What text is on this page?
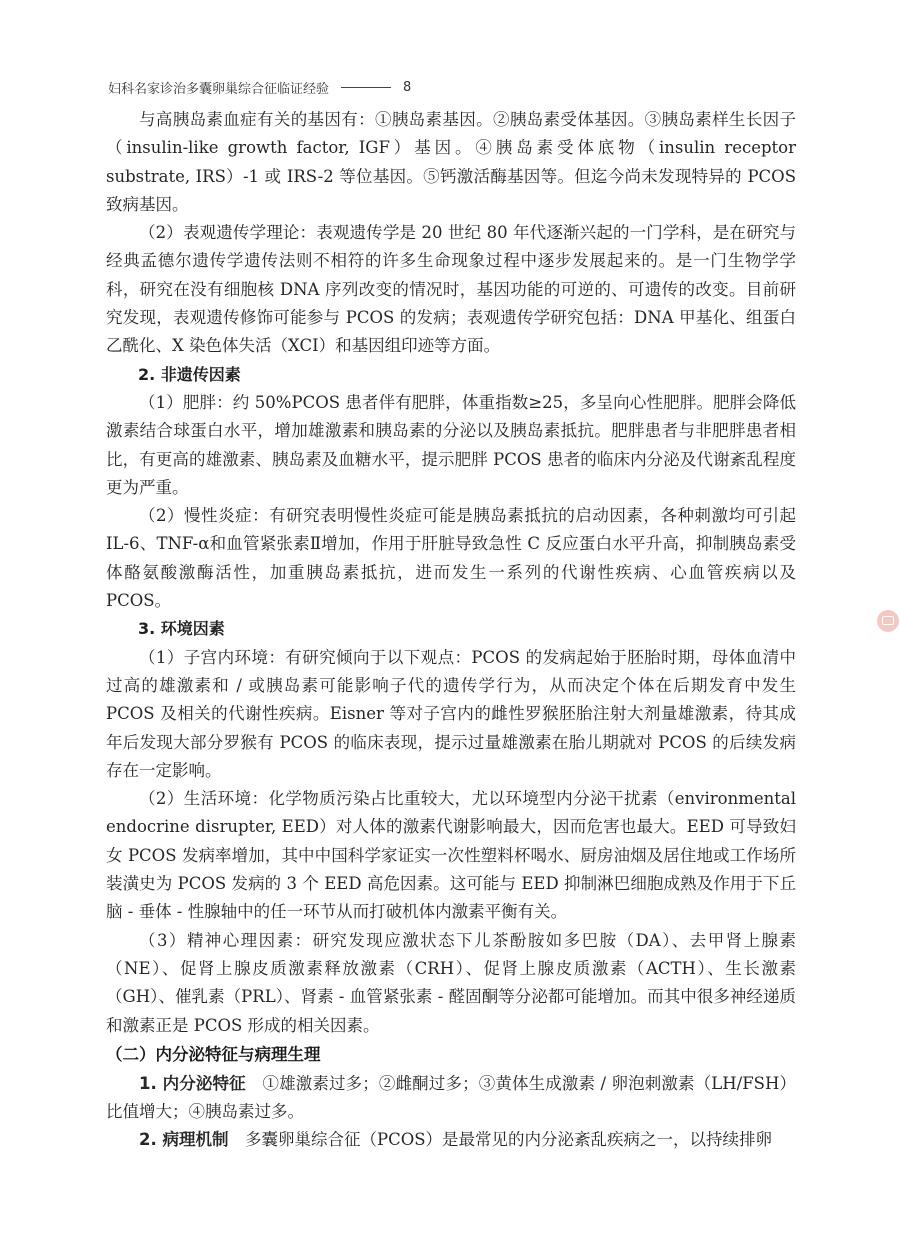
妇科名家诊治多囊卵巢综合征临证经验	8

与高胰岛素血症有关的基因有：①胰岛素基因。②胰岛素受体基因。③胰岛素样生长因子（insulin-like growth factor, IGF）基因。④胰岛素受体底物（insulin receptor substrate, IRS）-1 或 IRS-2 等位基因。⑤钙激活酶基因等。但迄今尚未发现特异的 PCOS 致病基因。

（2）表观遗传学理论：表观遗传学是 20 世纪 80 年代逐渐兴起的一门学科，是在研究与经典孟德尔遗传学遗传法则不相符的许多生命现象过程中逐步发展起来的。是一门生物学学科，研究在没有细胞核 DNA 序列改变的情况时，基因功能的可逆的、可遗传的改变。目前研究发现，表观遗传修饰可能参与 PCOS 的发病；表观遗传学研究包括：DNA 甲基化、组蛋白乙酰化、X 染色体失活（XCI）和基因组印迹等方面。

2. 非遗传因素

（1）肥胖：约 50%PCOS 患者伴有肥胖，体重指数≥25，多呈向心性肥胖。肥胖会降低激素结合球蛋白水平，增加雄激素和胰岛素的分泌以及胰岛素抵抗。肥胖患者与非肥胖患者相比，有更高的雄激素、胰岛素及血糖水平，提示肥胖 PCOS 患者的临床内分泌及代谢紊乱程度更为严重。

（2）慢性炎症：有研究表明慢性炎症可能是胰岛素抵抗的启动因素，各种刺激均可引起 IL-6、TNF-α和血管紧张素Ⅱ增加，作用于肝脏导致急性 C 反应蛋白水平升高，抑制胰岛素受体酪氨酸激酶活性，加重胰岛素抵抗，进而发生一系列的代谢性疾病、心血管疾病以及 PCOS。

3. 环境因素

（1）子宫内环境：有研究倾向于以下观点：PCOS 的发病起始于胚胎时期，母体血清中过高的雄激素和 / 或胰岛素可能影响子代的遗传学行为，从而决定个体在后期发育中发生 PCOS 及相关的代谢性疾病。Eisner 等对子宫内的雌性罗猴胚胎注射大剂量雄激素，待其成年后发现大部分罗猴有 PCOS 的临床表现，提示过量雄激素在胎儿期就对 PCOS 的后续发病存在一定影响。

（2）生活环境：化学物质污染占比重较大，尤以环境型内分泌干扰素（environmental endocrine disrupter, EED）对人体的激素代谢影响最大，因而危害也最大。EED 可导致妇女 PCOS 发病率增加，其中中国科学家证实一次性塑料杯喝水、厨房油烟及居住地或工作场所装潢史为 PCOS 发病的 3 个 EED 高危因素。这可能与 EED 抑制淋巴细胞成熟及作用于下丘脑 - 垂体 - 性腺轴中的任一环节从而打破机体内激素平衡有关。

（3）精神心理因素：研究发现应激状态下儿茶酚胺如多巴胺（DA）、去甲肾上腺素（NE）、促肾上腺皮质激素释放激素（CRH）、促肾上腺皮质激素（ACTH）、生长激素（GH）、催乳素（PRL）、肾素 - 血管紧张素 - 醛固酮等分泌都可能增加。而其中很多神经递质和激素正是 PCOS 形成的相关因素。

（二）内分泌特征与病理生理

1. 内分泌特征 ①雄激素过多；②雌酮过多；③黄体生成激素 / 卵泡刺激素（LH/FSH）比值增大；④胰岛素过多。

2. 病理机制 多囊卵巢综合征（PCOS）是最常见的内分泌紊乱疾病之一，以持续排卵
